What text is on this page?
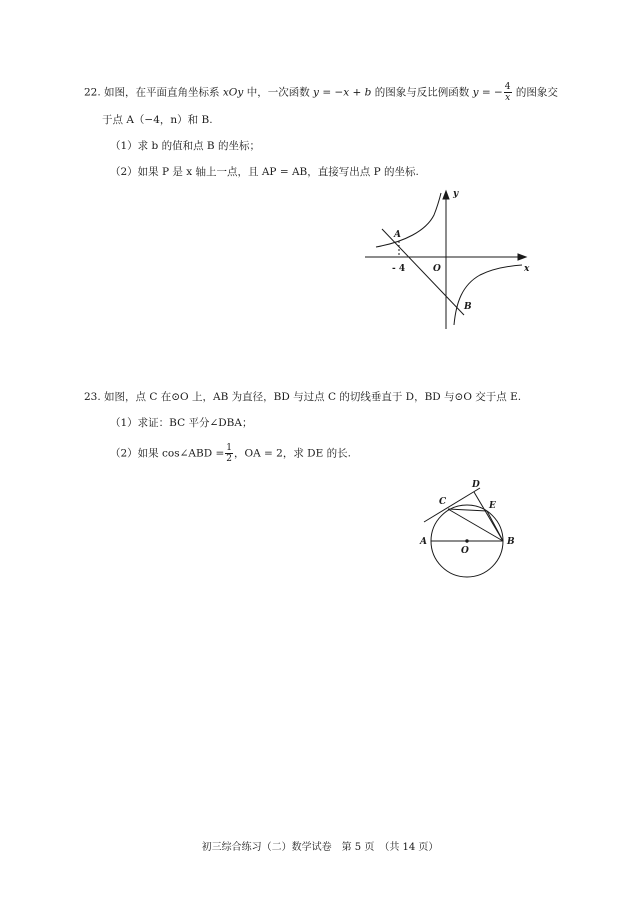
22. 如图，在平面直角坐标系 xOy 中，一次函数 y = −x + b 的图象与反比例函数 y = − $\frac{4}{x}$ 的图象交
于点 A（−4，n）和 B.
（1）求 b 的值和点 B 的坐标；
（2）如果 P 是 x 轴上一点，且 AP = AB，直接写出点 P 的坐标.
y
x
O
A
B
- 4
23. 如图，点 C 在⊙O 上，AB 为直径，BD 与过点 C 的切线垂直于 D，BD 与⊙O 交于点 E.
（1）求证：BC 平分∠DBA；
（2）如果 cos∠ABD = $\frac{1}{2}$ ，OA = 2，求 DE 的长.
A	B
C
D
E
O
初三综合练习（二）数学试卷　第 5 页　（共 14 页）
